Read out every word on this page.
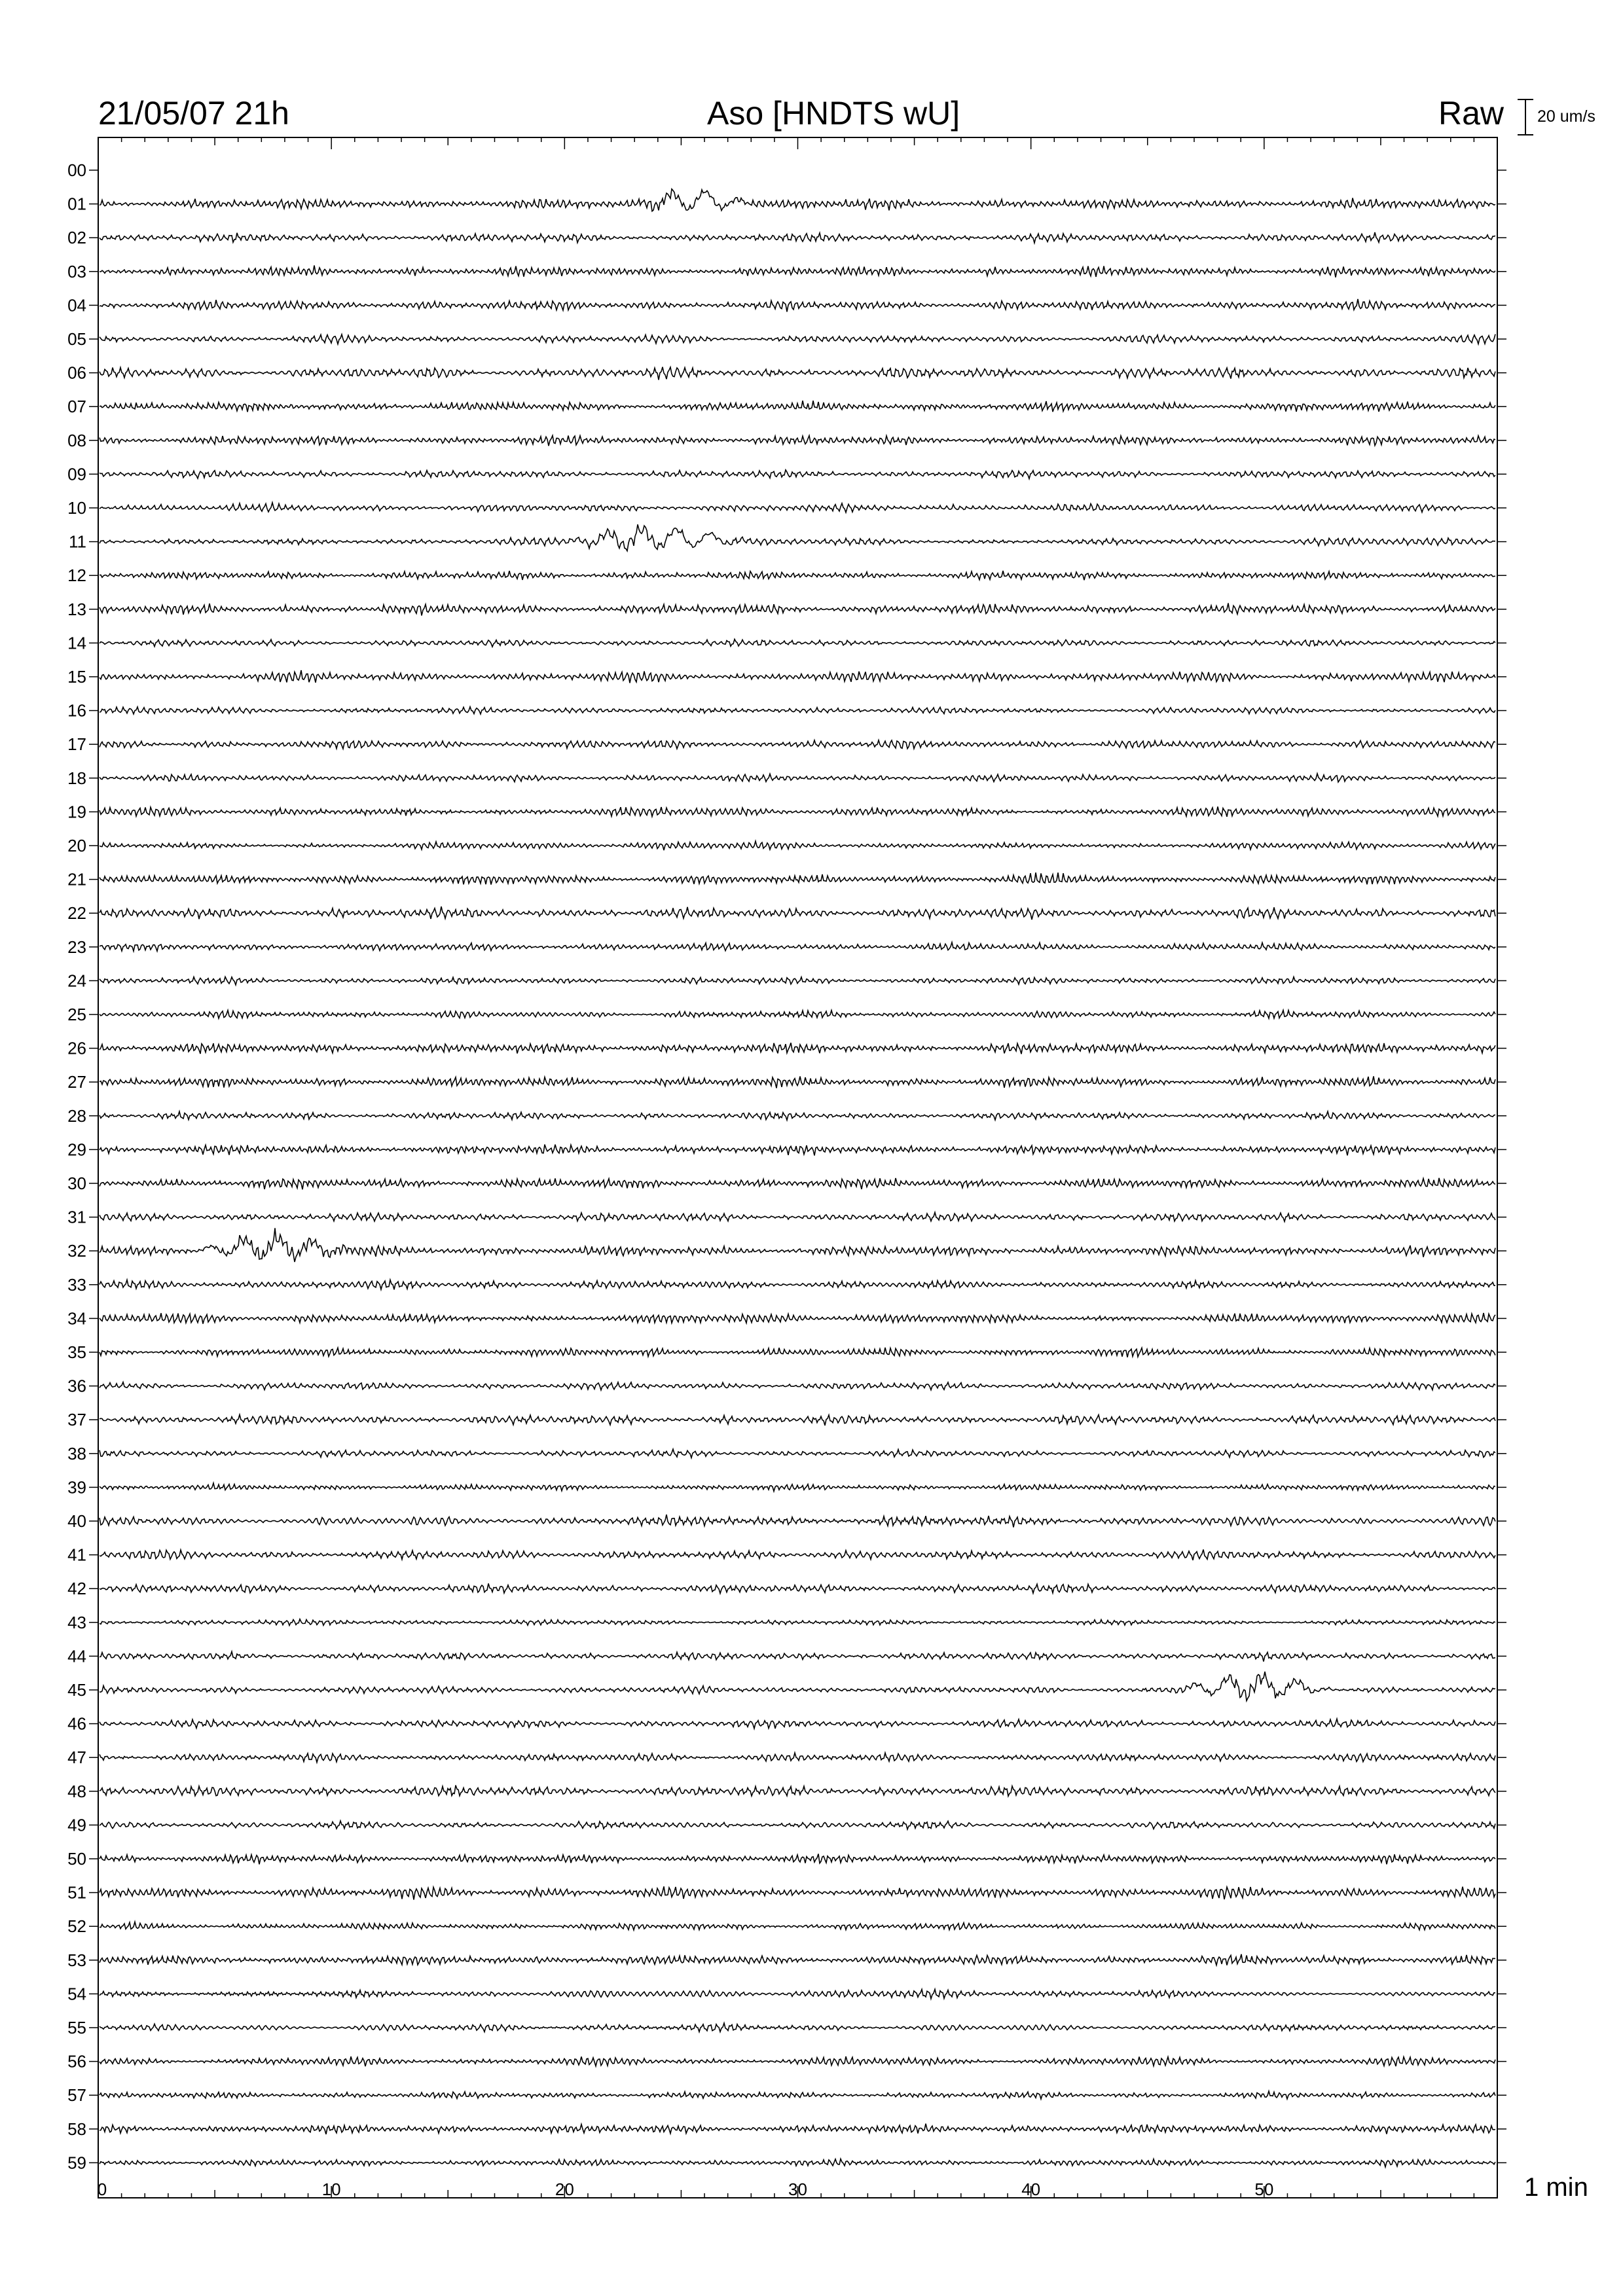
21/05/07 21h	Aso [HNDTS wU]	Raw 20 um/s
1 min
00
01
02
03
04
05
06
07
08
09
10
11
12
13
14
15
16
17
18
19
20
21
22
23
24
25
26
27
28
29
30
31
32
33
34
35
36
37
38
39
40
41
42
43
44
45
46
47
48
49
50
51
52
53
54
55
56
57
58
59
0	10	20	30	40	50
